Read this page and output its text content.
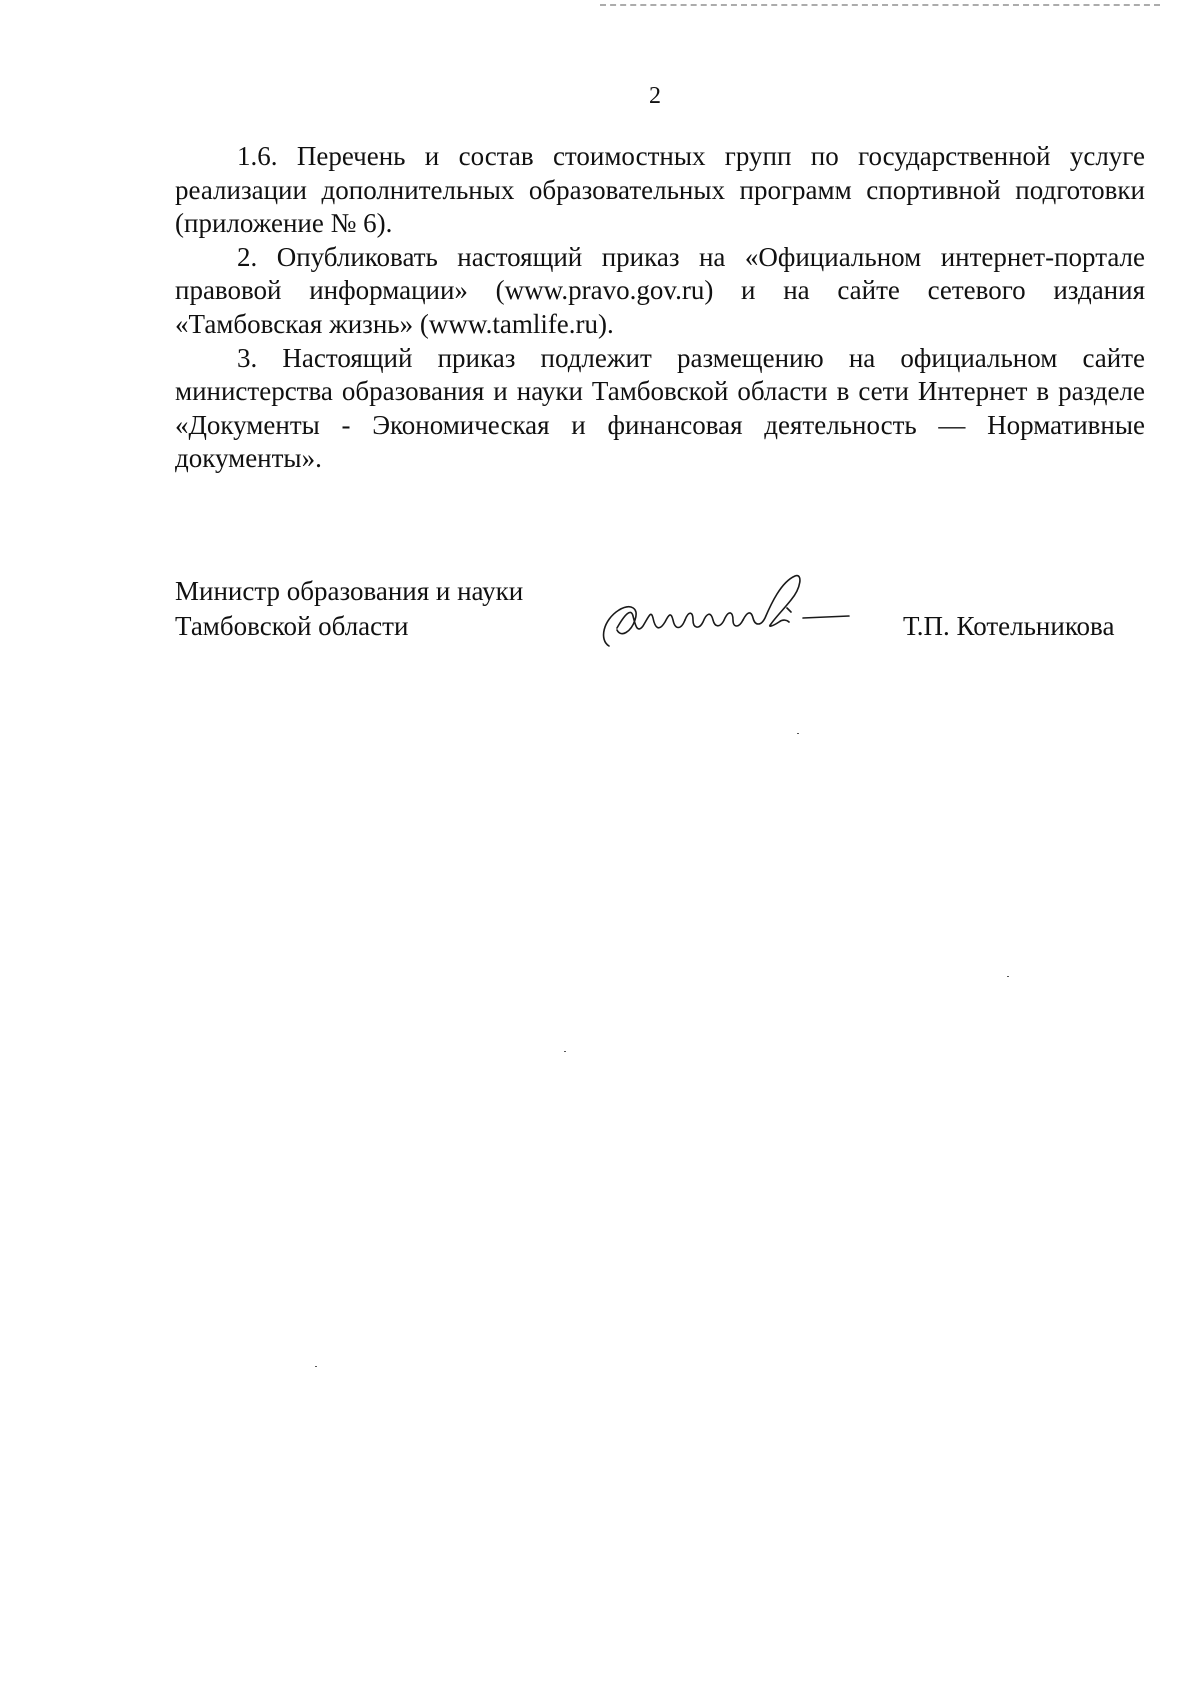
2

1.6. Перечень и состав стоимостных групп по государственной услуге реализации дополнительных образовательных программ спортивной подготовки (приложение № 6).

2. Опубликовать настоящий приказ на «Официальном интернет-портале правовой информации» (www.pravo.gov.ru) и на сайте сетевого издания «Тамбовская жизнь» (www.tamlife.ru).

3. Настоящий приказ подлежит размещению на официальном сайте министерства образования и науки Тамбовской области в сети Интернет в разделе «Документы - Экономическая и финансовая деятельность — Нормативные документы».

Министр образования и науки
Тамбовской области	Т.П. Котельникова
